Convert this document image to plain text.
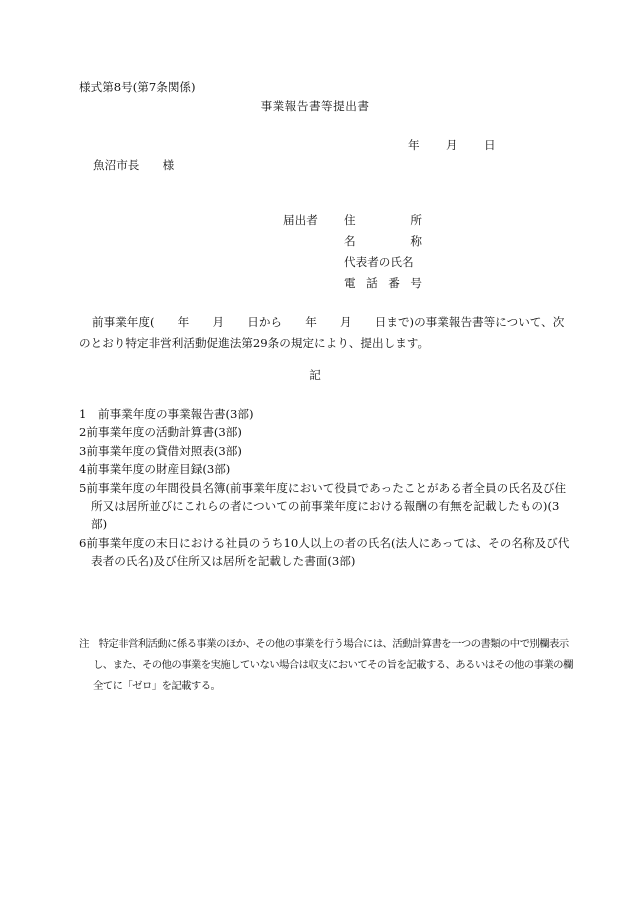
様式第8号(第7条関係)
事業報告書等提出書
年 月 日
魚沼市長　　様
届出者 住所
名称
代表者の氏名
電話番号
前事業年度(　　年　　月　　日から　　年　　月　　日まで)の事業報告書等について、次のとおり特定非営利活動促進法第29条の規定により、提出します。
記
1　前事業年度の事業報告書(3部)
2前事業年度の活動計算書(3部)
3前事業年度の貸借対照表(3部)
4前事業年度の財産目録(3部)
5前事業年度の年間役員名簿(前事業年度において役員であったことがある者全員の氏名及び住所又は居所並びにこれらの者についての前事業年度における報酬の有無を記載したもの)(3部)
6前事業年度の末日における社員のうち10人以上の者の氏名(法人にあっては、その名称及び代表者の氏名)及び住所又は居所を記載した書面(3部)
注　特定非営利活動に係る事業のほか、その他の事業を行う場合には、活動計算書を一つの書類の中で別欄表示し、また、その他の事業を実施していない場合は収支においてその旨を記載する、あるいはその他の事業の欄全てに「ゼロ」を記載する。
